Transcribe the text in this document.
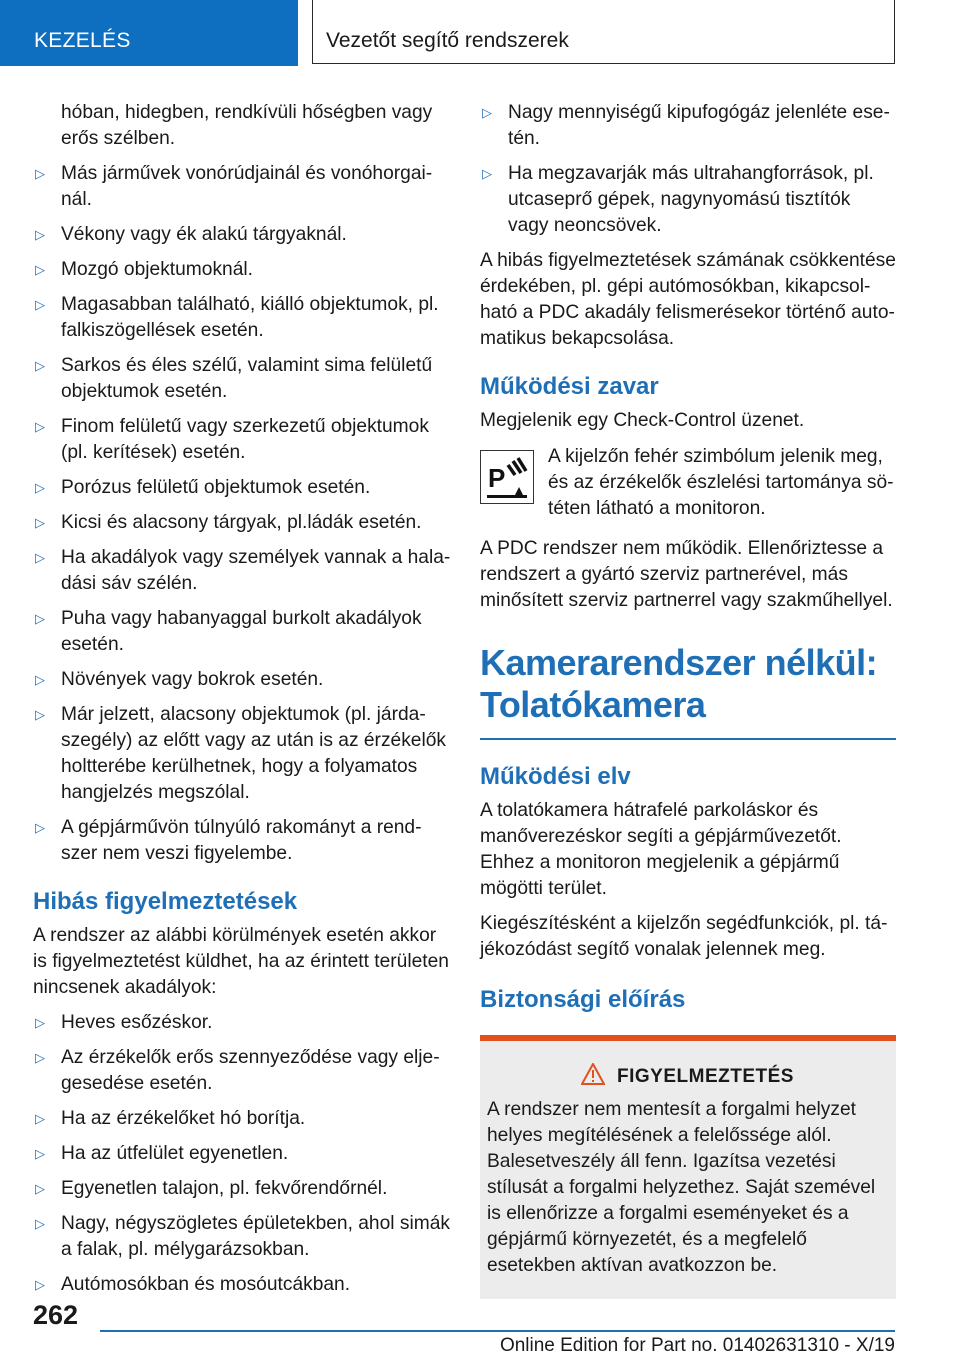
KEZELÉS	Vezetőt segítő rendszerek

hóban, hidegben, rendkívüli hőségben vagy erős szélben.

▷ Más járművek vonórúdjainál és vonóhorgainál.
▷ Vékony vagy ék alakú tárgyaknál.
▷ Mozgó objektumoknál.
▷ Magasabban található, kiálló objektumok, pl. falkiszögellések esetén.
▷ Sarkos és éles szélű, valamint sima felületű objektumok esetén.
▷ Finom felületű vagy szerkezetű objektumok (pl. kerítések) esetén.
▷ Porózus felületű objektumok esetén.
▷ Kicsi és alacsony tárgyak, pl.ládák esetén.
▷ Ha akadályok vagy személyek vannak a haladási sáv szélén.
▷ Puha vagy habanyaggal burkolt akadályok esetén.
▷ Növények vagy bokrok esetén.
▷ Már jelzett, alacsony objektumok (pl. járdaszegély) az előtt vagy az után is az érzékelők holtterébe kerülhetnek, hogy a folyamatos hangjelzés megszólal.
▷ A gépjárművön túlnyúló rakományt a rendszer nem veszi figyelembe.
Hibás figyelmeztetések

A rendszer az alábbi körülmények esetén akkor is figyelmeztetést küldhet, ha az érintett területen nincsenek akadályok:

▷ Heves esőzéskor.
▷ Az érzékelők erős szennyeződése vagy eljegesedése esetén.
▷ Ha az érzékelőket hó borítja.
▷ Ha az útfelület egyenetlen.
▷ Egyenetlen talajon, pl. fekvőrendőrnél.
▷ Nagy, négyszögletes épületekben, ahol simák a falak, pl. mélygarázsokban.
▷ Autómosókban és mosóutcákban.
▷ Nagy mennyiségű kipufogógáz jelenléte esetén.
▷ Ha megzavarják más ultrahangforrások, pl. utcaseprő gépek, nagynyomású tisztítók vagy neoncsövek.

A hibás figyelmeztetések számának csökkentése érdekében, pl. gépi autómosókban, kikapcsolható a PDC akadály felismerésekor történő automatikus bekapcsolása.

Működési zavar

Megjelenik egy Check-Control üzenet.

P
A kijelzőn fehér szimbólum jelenik meg, és az érzékelők észlelési tartománya sötéten látható a monitoron.

A PDC rendszer nem működik. Ellenőriztesse a rendszert a gyártó szerviz partnerével, más minősített szerviz partnerrel vagy szakműhellyel.

Kamerarendszer nélkül: Tolatókamera
Működési elv

A tolatókamera hátrafelé parkoláskor és manőverezéskor segíti a gépjárművezetőt. Ehhez a monitoron megjelenik a gépjármű mögötti terület.

Kiegészítésként a kijelzőn segédfunkciók, pl. tájékozódást segítő vonalak jelennek meg.

Biztonsági előírás
FIGYELMEZTETÉS

A rendszer nem mentesít a forgalmi helyzet helyes megítélésének a felelőssége alól. Balesetveszély áll fenn. Igazítsa vezetési stílusát a forgalmi helyzethez. Saját szemével is ellenőrizze a forgalmi eseményeket és a gépjármű környezetét, és a megfelelő esetekben aktívan avatkozzon be.

262
Online Edition for Part no. 01402631310 - X/19
